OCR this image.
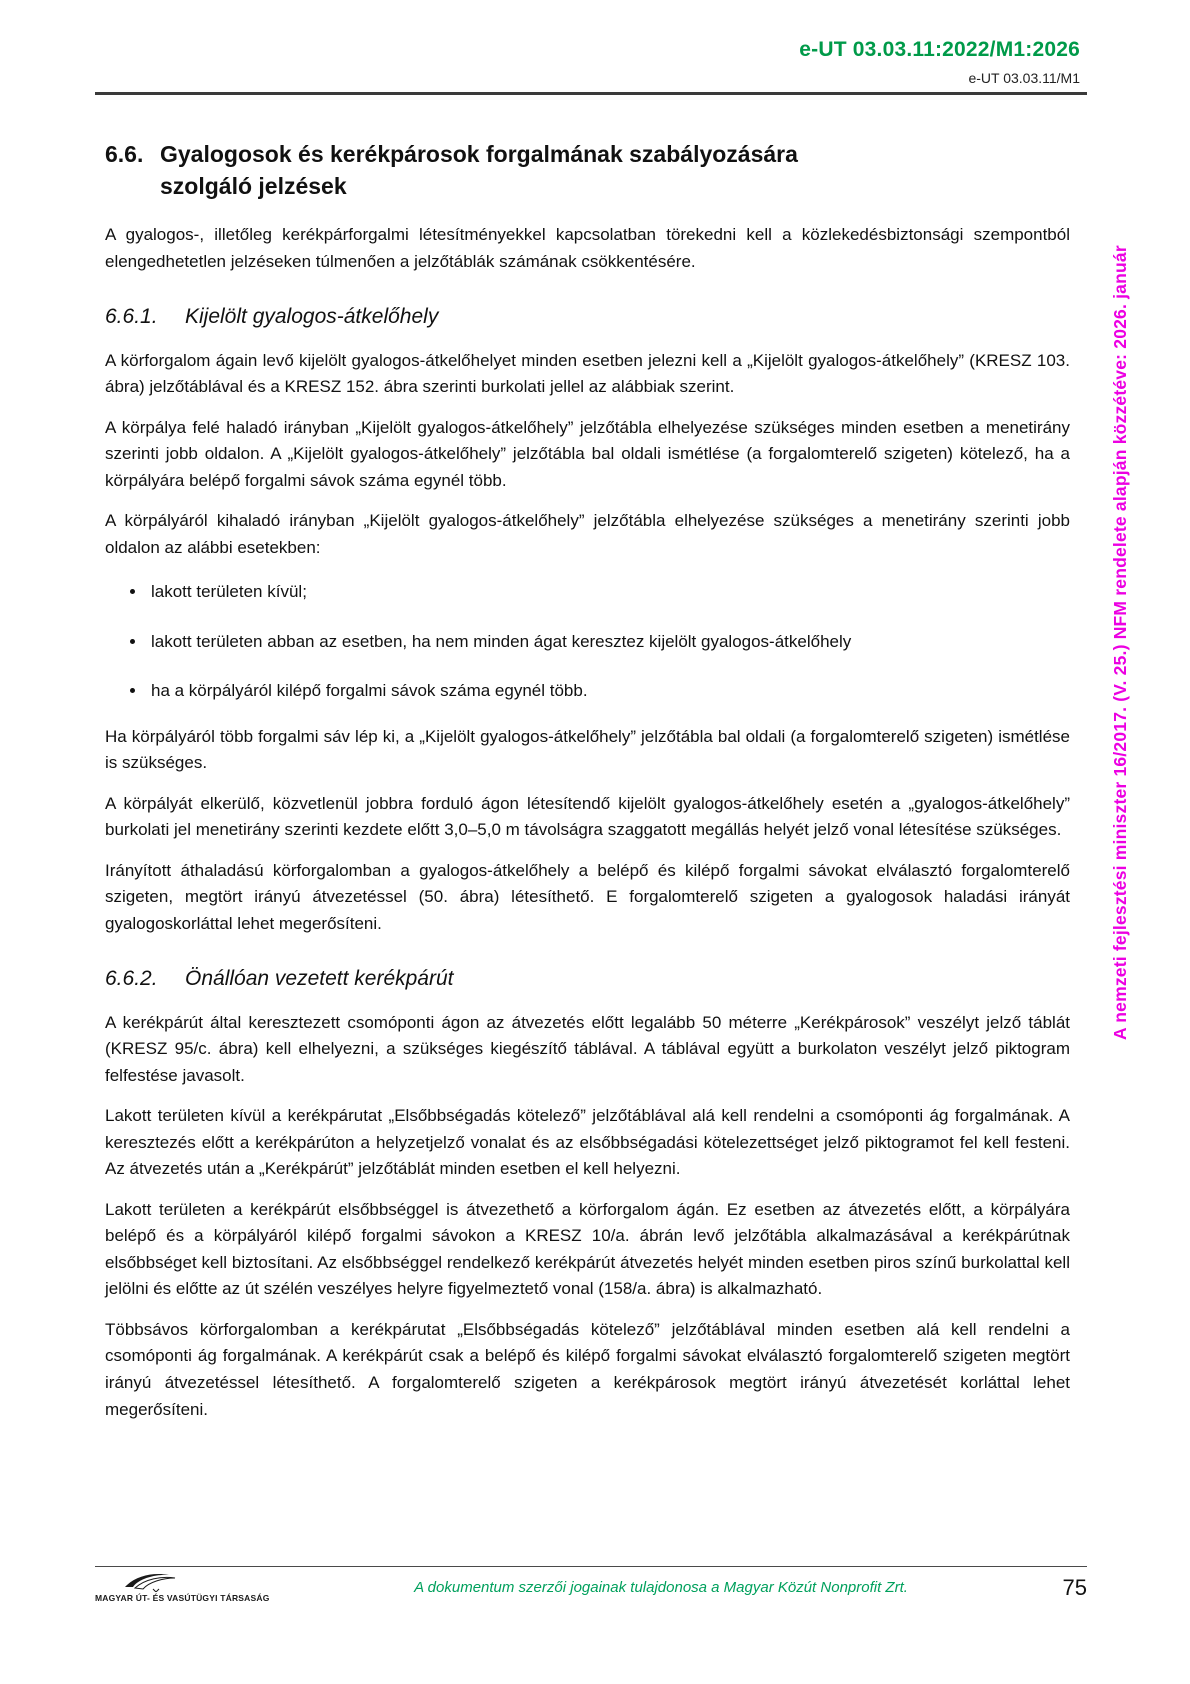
e-UT 03.03.11:2022/M1:2026
e-UT 03.03.11/M1
6.6. Gyalogosok és kerékpárosok forgalmának szabályozására szolgáló jelzések

A gyalogos-, illetőleg kerékpárforgalmi létesítményekkel kapcsolatban törekedni kell a közlekedésbiztonsági szempontból elengedhetetlen jelzéseken túlmenően a jelzőtáblák számának csökkentésére.

6.6.1.	Kijelölt gyalogos-átkelőhely

A körforgalom ágain levő kijelölt gyalogos-átkelőhelyet minden esetben jelezni kell a „Kijelölt gyalogos-átkelőhely” (KRESZ 103. ábra) jelzőtáblával és a KRESZ 152. ábra szerinti burkolati jellel az alábbiak szerint.

A körpálya felé haladó irányban „Kijelölt gyalogos-átkelőhely” jelzőtábla elhelyezése szükséges minden esetben a menetirány szerinti jobb oldalon. A „Kijelölt gyalogos-átkelőhely” jelzőtábla bal oldali ismétlése (a forgalomterelő szigeten) kötelező, ha a körpályára belépő forgalmi sávok száma egynél több.

A körpályáról kihaladó irányban „Kijelölt gyalogos-átkelőhely” jelzőtábla elhelyezése szükséges a menetirány szerinti jobb oldalon az alábbi esetekben:

• lakott területen kívül;
• lakott területen abban az esetben, ha nem minden ágat keresztez kijelölt gyalogos-átkelőhely
• ha a körpályáról kilépő forgalmi sávok száma egynél több.

Ha körpályáról több forgalmi sáv lép ki, a „Kijelölt gyalogos-átkelőhely” jelzőtábla bal oldali (a forgalomterelő szigeten) ismétlése is szükséges.

A körpályát elkerülő, közvetlenül jobbra forduló ágon létesítendő kijelölt gyalogos-átkelőhely esetén a „gyalogos-átkelőhely” burkolati jel menetirány szerinti kezdete előtt 3,0–5,0 m távolságra szaggatott megállás helyét jelző vonal létesítése szükséges.

Irányított áthaladású körforgalomban a gyalogos-átkelőhely a belépő és kilépő forgalmi sávokat elválasztó forgalomterelő szigeten, megtört irányú átvezetéssel (50. ábra) létesíthető. E forgalomterelő szigeten a gyalogosok haladási irányát gyalogoskorláttal lehet megerősíteni.

6.6.2.	Önállóan vezetett kerékpárút

A kerékpárút által keresztezett csomóponti ágon az átvezetés előtt legalább 50 méterre „Kerékpárosok” veszélyt jelző táblát (KRESZ 95/c. ábra) kell elhelyezni, a szükséges kiegészítő táblával. A táblával együtt a burkolaton veszélyt jelző piktogram felfestése javasolt.

Lakott területen kívül a kerékpárutat „Elsőbbségadás kötelező” jelzőtáblával alá kell rendelni a csomóponti ág forgalmának. A keresztezés előtt a kerékpárúton a helyzetjelző vonalat és az elsőbbségadási kötelezettséget jelző piktogramot fel kell festeni. Az átvezetés után a „Kerékpárút” jelzőtáblát minden esetben el kell helyezni.

Lakott területen a kerékpárút elsőbbséggel is átvezethető a körforgalom ágán. Ez esetben az átvezetés előtt, a körpályára belépő és a körpályáról kilépő forgalmi sávokon a KRESZ 10/a. ábrán levő jelzőtábla alkalmazásával a kerékpárútnak elsőbbséget kell biztosítani. Az elsőbbséggel rendelkező kerékpárút átvezetés helyét minden esetben piros színű burkolattal kell jelölni és előtte az út szélén veszélyes helyre figyelmeztető vonal (158/a. ábra) is alkalmazható.

Többsávos körforgalomban a kerékpárutat „Elsőbbségadás kötelező” jelzőtáblával minden esetben alá kell rendelni a csomóponti ág forgalmának. A kerékpárút csak a belépő és kilépő forgalmi sávokat elválasztó forgalomterelő szigeten megtört irányú átvezetéssel létesíthető. A forgalomterelő szigeten a kerékpárosok megtört irányú átvezetését korláttal lehet megerősíteni.

A nemzeti fejlesztési miniszter 16/2017. (V. 25.) NFM rendelete alapján közzétéve: 2026. január
MAGYAR ÚT- ÉS VASÚTÜGYI TÁRSASÁG
A dokumentum szerzői jogainak tulajdonosa a Magyar Közút Nonprofit Zrt.	75
